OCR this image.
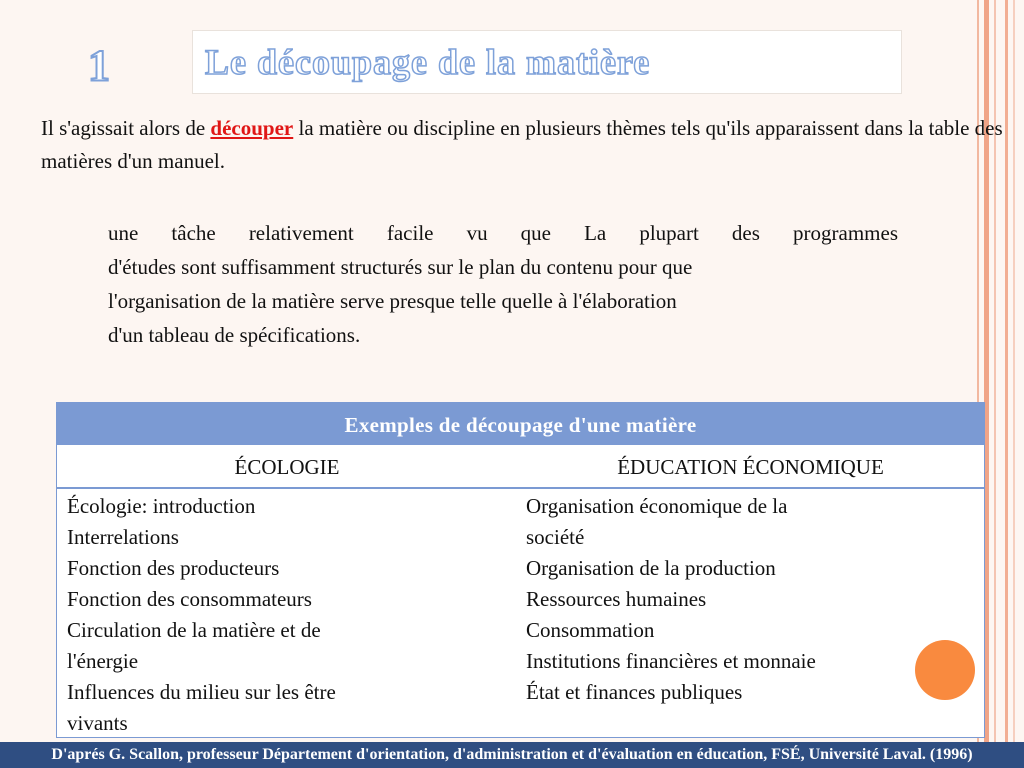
1	Le découpage de la matière

Il s'agissait alors de découper la matière ou discipline en plusieurs thèmes tels qu'ils apparaissent dans la table des matières d'un manuel.

une tâche relativement facile vu que La plupart des programmes
d'études sont suffisamment structurés sur le plan du contenu pour que
l'organisation de la matière serve presque telle quelle à l'élaboration
d'un tableau de spécifications.

Exemples de découpage d'une matière
ÉCOLOGIE	ÉDUCATION ÉCONOMIQUE
Écologie: introduction
Interrelations
Fonction des producteurs
Fonction des consommateurs
Circulation de la matière et de
l'énergie
Influences du milieu sur les être
vivants
Organisation économique de la
société
Organisation de la production
Ressources humaines
Consommation
Institutions financières et monnaie
État et finances publiques
D'aprés G. Scallon, professeur Département d'orientation, d'administration et d'évaluation en éducation, FSÉ, Université Laval. (1996)
